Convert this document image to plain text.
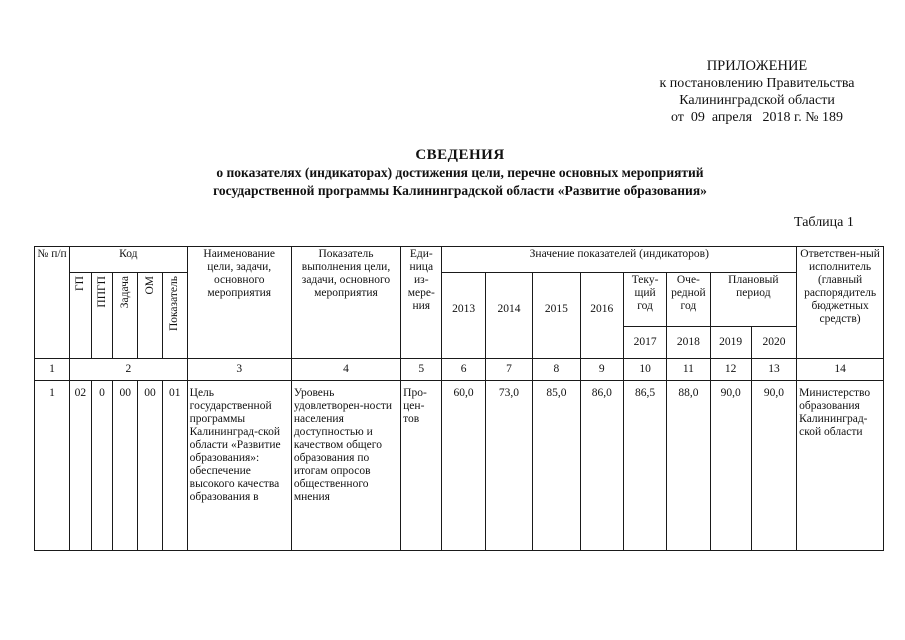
ПРИЛОЖЕНИЕ
к постановлению Правительства
Калининградской области
от  09  апреля   2018 г. № 189
СВЕДЕНИЯ
о показателях (индикаторах) достижения цели, перечне основных мероприятий
государственной программы Калининградской области «Развитие образования»
Таблица 1
№ п/п	Код					Наименование цели, задачи, основного мероприятия	Показатель выполнения цели, задачи, основного мероприятия	Еди-ница из-мере-ния	Значение показателей (индикаторов)								Ответствен-ный исполнитель (главный распорядитель бюджетных средств)
	ГП	ППГП	Задача	ОМ	Показатель				2013	2014	2015	2016	Теку-щий год	Оче-редной год	Плановый период		
													2017	2018	2019	2020	
1	2					3	4	5	6	7	8	9	10	11	12	13	14
1	02	0	00	00	01	Цель государственной программы Калининград-ской области «Развитие образования»: обеспечение высокого качества образования в	Уровень удовлетворен-ности населения доступностью и качеством общего образования по итогам опросов общественного мнения	Про-цен-тов	60,0	73,0	85,0	86,0	86,5	88,0	90,0	90,0	Министерство образования Калининград-ской области
